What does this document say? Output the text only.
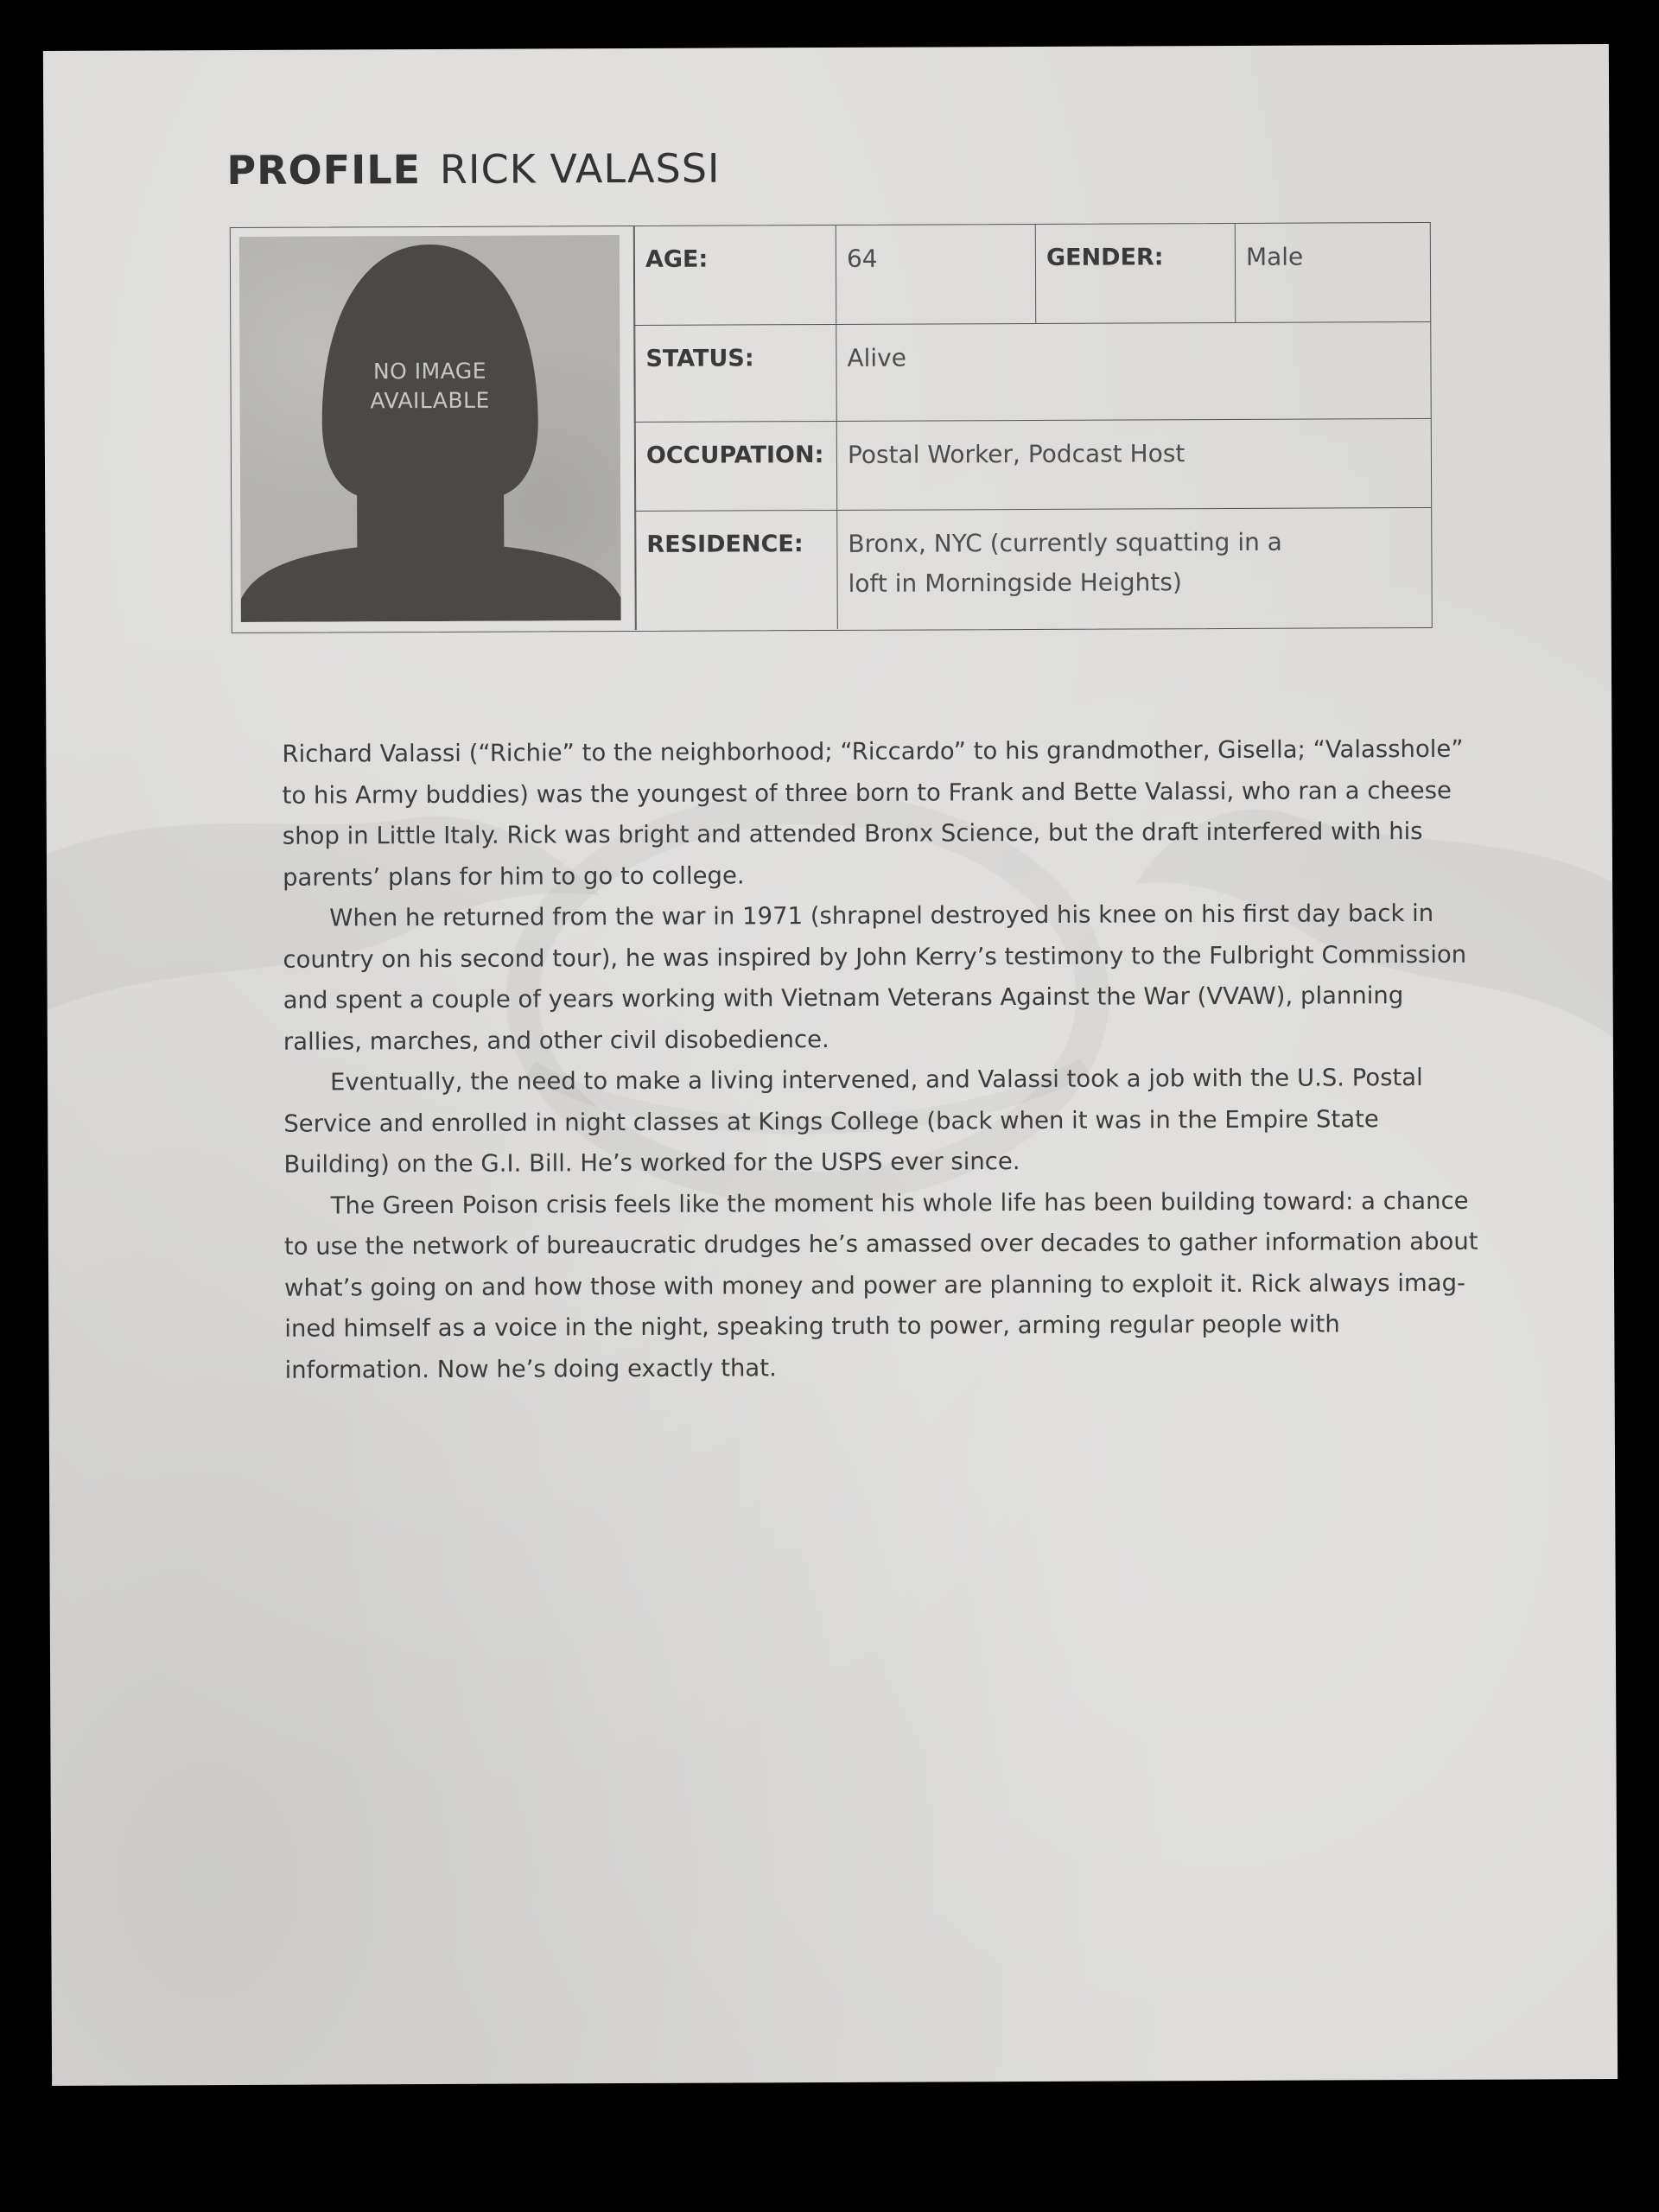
PROFILE RICK VALASSI
NO IMAGE
AVAILABLE
AGE:	64	GENDER:	Male
STATUS:	Alive
OCCUPATION: Postal Worker, Podcast Host
RESIDENCE:	Bronx, NYC (currently squatting in a loft in Morningside Heights)

Richard Valassi (“Richie” to the neighborhood; “Riccardo” to his grandmother, Gisella; “Valasshole” to his Army buddies) was the youngest of three born to Frank and Bette Valassi, who ran a cheese shop in Little Italy. Rick was bright and attended Bronx Science, but the draft interfered with his parents’ plans for him to go to college.

When he returned from the war in 1971 (shrapnel destroyed his knee on his first day back in country on his second tour), he was inspired by John Kerry’s testimony to the Fulbright Commission and spent a couple of years working with Vietnam Veterans Against the War (VVAW), planning rallies, marches, and other civil disobedience.

Eventually, the need to make a living intervened, and Valassi took a job with the U.S. Postal Service and enrolled in night classes at Kings College (back when it was in the Empire State Building) on the G.I. Bill. He’s worked for the USPS ever since.

The Green Poison crisis feels like the moment his whole life has been building toward: a chance to use the network of bureaucratic drudges he’s amassed over decades to gather information about what’s going on and how those with money and power are planning to exploit it. Rick always imagined himself as a voice in the night, speaking truth to power, arming regular people with information. Now he’s doing exactly that.
